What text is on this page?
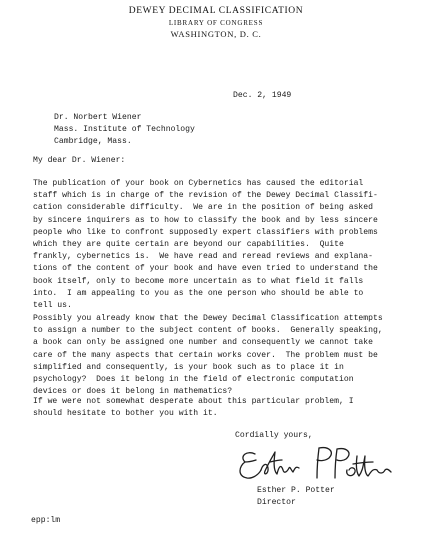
DEWEY DECIMAL CLASSIFICATION
LIBRARY OF CONGRESS
WASHINGTON, D. C.
Dec. 2, 1949
Dr. Norbert Wiener
Mass. Institute of Technology
Cambridge, Mass.
My dear Dr. Wiener:
The publication of your book on Cybernetics has caused the editorial
staff which is in charge of the revision of the Dewey Decimal Classifi-
cation considerable difficulty.  We are in the position of being asked
by sincere inquirers as to how to classify the book and by less sincere
people who like to confront supposedly expert classifiers with problems
which they are quite certain are beyond our capabilities.  Quite
frankly, cybernetics is.  We have read and reread reviews and explana-
tions of the content of your book and have even tried to understand the
book itself, only to become more uncertain as to what field it falls
into.  I am appealing to you as the one person who should be able to
tell us.
Possibly you already know that the Dewey Decimal Classification attempts
to assign a number to the subject content of books.  Generally speaking,
a book can only be assigned one number and consequently we cannot take
care of the many aspects that certain works cover.  The problem must be
simplified and consequently, is your book such as to place it in
psychology?  Does it belong in the field of electronic computation
devices or does it belong in mathematics?
If we were not somewhat desperate about this particular problem, I
should hesitate to bother you with it.
Cordially yours,
Esther P. Potter
Director
epp:lm
